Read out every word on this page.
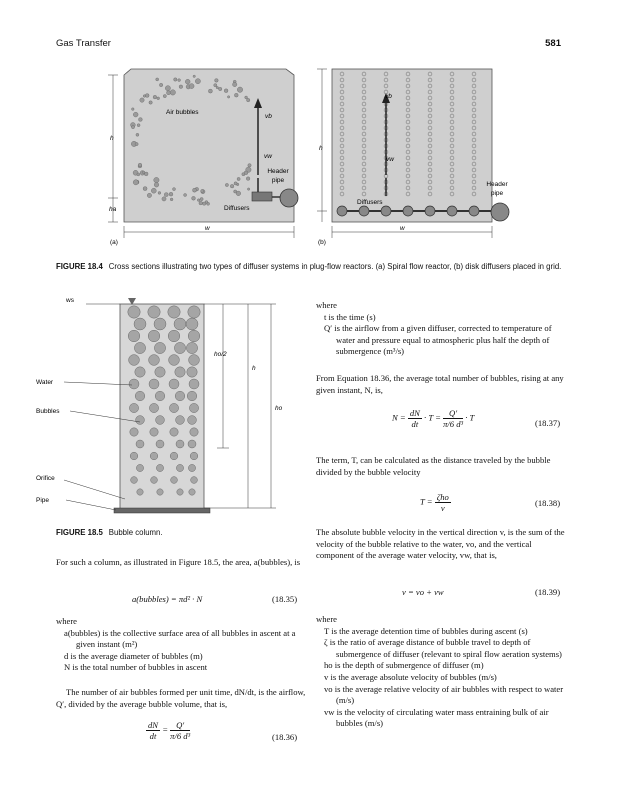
Gas Transfer	581
Air bubbles
vb
vw
Header
pipe
Diffusers
h
ha
w
(a)
vb
vw
Header
pipe
Diffusers
h
w
(b)
FIGURE 18.4 Cross sections illustrating two types of diffuser systems in plug-flow reactors. (a) Spiral flow reactor, (b) disk diffusers placed in grid.
ws
Water
Bubbles
Orifice
Pipe
ho/2
h
ho
FIGURE 18.5 Bubble column.

For such a column, as illustrated in Figure 18.5, the area, a(bubbles), is

a(bubbles) = πd² · N	(18.35)

where

a(bubbles) is the collective surface area of all bubbles in ascent at a given instant (m²)

d is the average diameter of bubbles (m)

N is the total number of bubbles in ascent

The number of air bubbles formed per unit time, dN/dt, is the airflow, Q′, divided by the average bubble volume, that is,

$\frac{dN}{dt} = \frac{Q'}{\text{π/6 d³}}$	(18.36)

where

t is the time (s)

Q′ is the airflow from a given diffuser, corrected to temperature of water and pressure equal to atmospheric plus half the depth of submergence (m³/s)

From Equation 18.36, the average total number of bubbles, rising at any given instant, N, is,

$N = \frac{dN}{dt} \cdot T = \frac{Q'}{\text{π/6 d³}} \cdot T$
(18.37)

The term, T, can be calculated as the distance traveled by the bubble divided by the bubble velocity

$T = \frac{\text{ζho}}{v}$	(18.38)

The absolute bubble velocity in the vertical direction v, is the sum of the velocity of the bubble relative to the water, vo, and the vertical component of the average water velocity, vw, that is,

v = vo + vw	(18.39)

where

T is the average detention time of bubbles during ascent (s)

ζ is the ratio of average distance of bubble travel to depth of submergence of diffuser (relevant to spiral flow aeration systems)

ho is the depth of submergence of diffuser (m)

v is the average absolute velocity of bubbles (m/s)

vo is the average relative velocity of air bubbles with respect to water (m/s)

vw is the velocity of circulating water mass entraining bulk of air bubbles (m/s)
